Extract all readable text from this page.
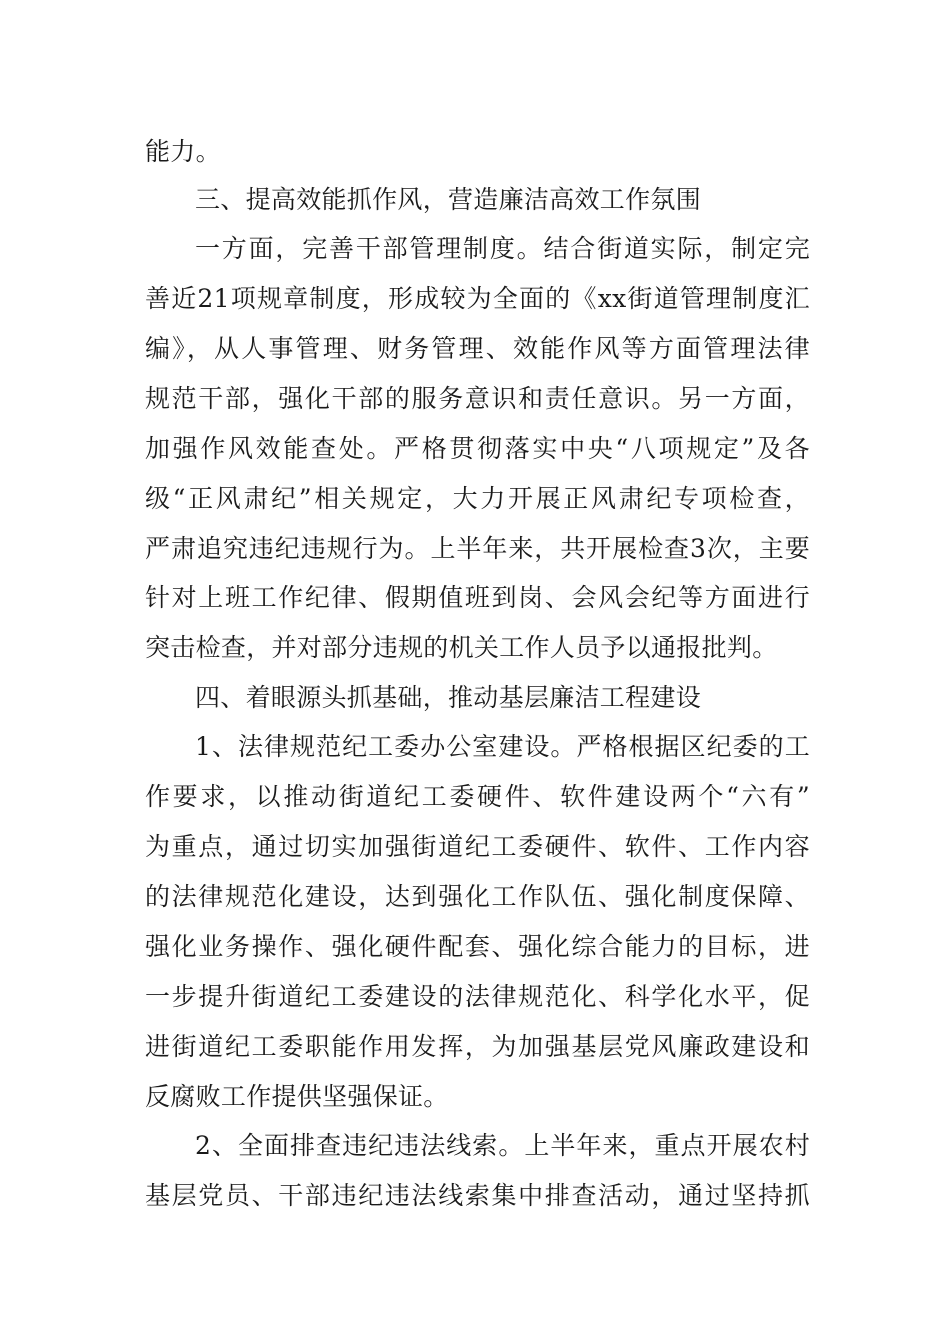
能力。
三、提高效能抓作风，营造廉洁高效工作氛围
一方面，完善干部管理制度。结合街道实际，制定完
善近21项规章制度，形成较为全面的《xx街道管理制度汇
编》，从人事管理、财务管理、效能作风等方面管理法律
规范干部，强化干部的服务意识和责任意识。另一方面，
加强作风效能查处。严格贯彻落实中央“八项规定”及各
级“正风肃纪”相关规定，大力开展正风肃纪专项检查，
严肃追究违纪违规行为。上半年来，共开展检查3次，主要
针对上班工作纪律、假期值班到岗、会风会纪等方面进行
突击检查，并对部分违规的机关工作人员予以通报批判。
四、着眼源头抓基础，推动基层廉洁工程建设
1、法律规范纪工委办公室建设。严格根据区纪委的工
作要求，以推动街道纪工委硬件、软件建设两个“六有”
为重点，通过切实加强街道纪工委硬件、软件、工作内容
的法律规范化建设，达到强化工作队伍、强化制度保障、
强化业务操作、强化硬件配套、强化综合能力的目标，进
一步提升街道纪工委建设的法律规范化、科学化水平，促
进街道纪工委职能作用发挥，为加强基层党风廉政建设和
反腐败工作提供坚强保证。
2、全面排查违纪违法线索。上半年来，重点开展农村
基层党员、干部违纪违法线索集中排查活动，通过坚持抓
